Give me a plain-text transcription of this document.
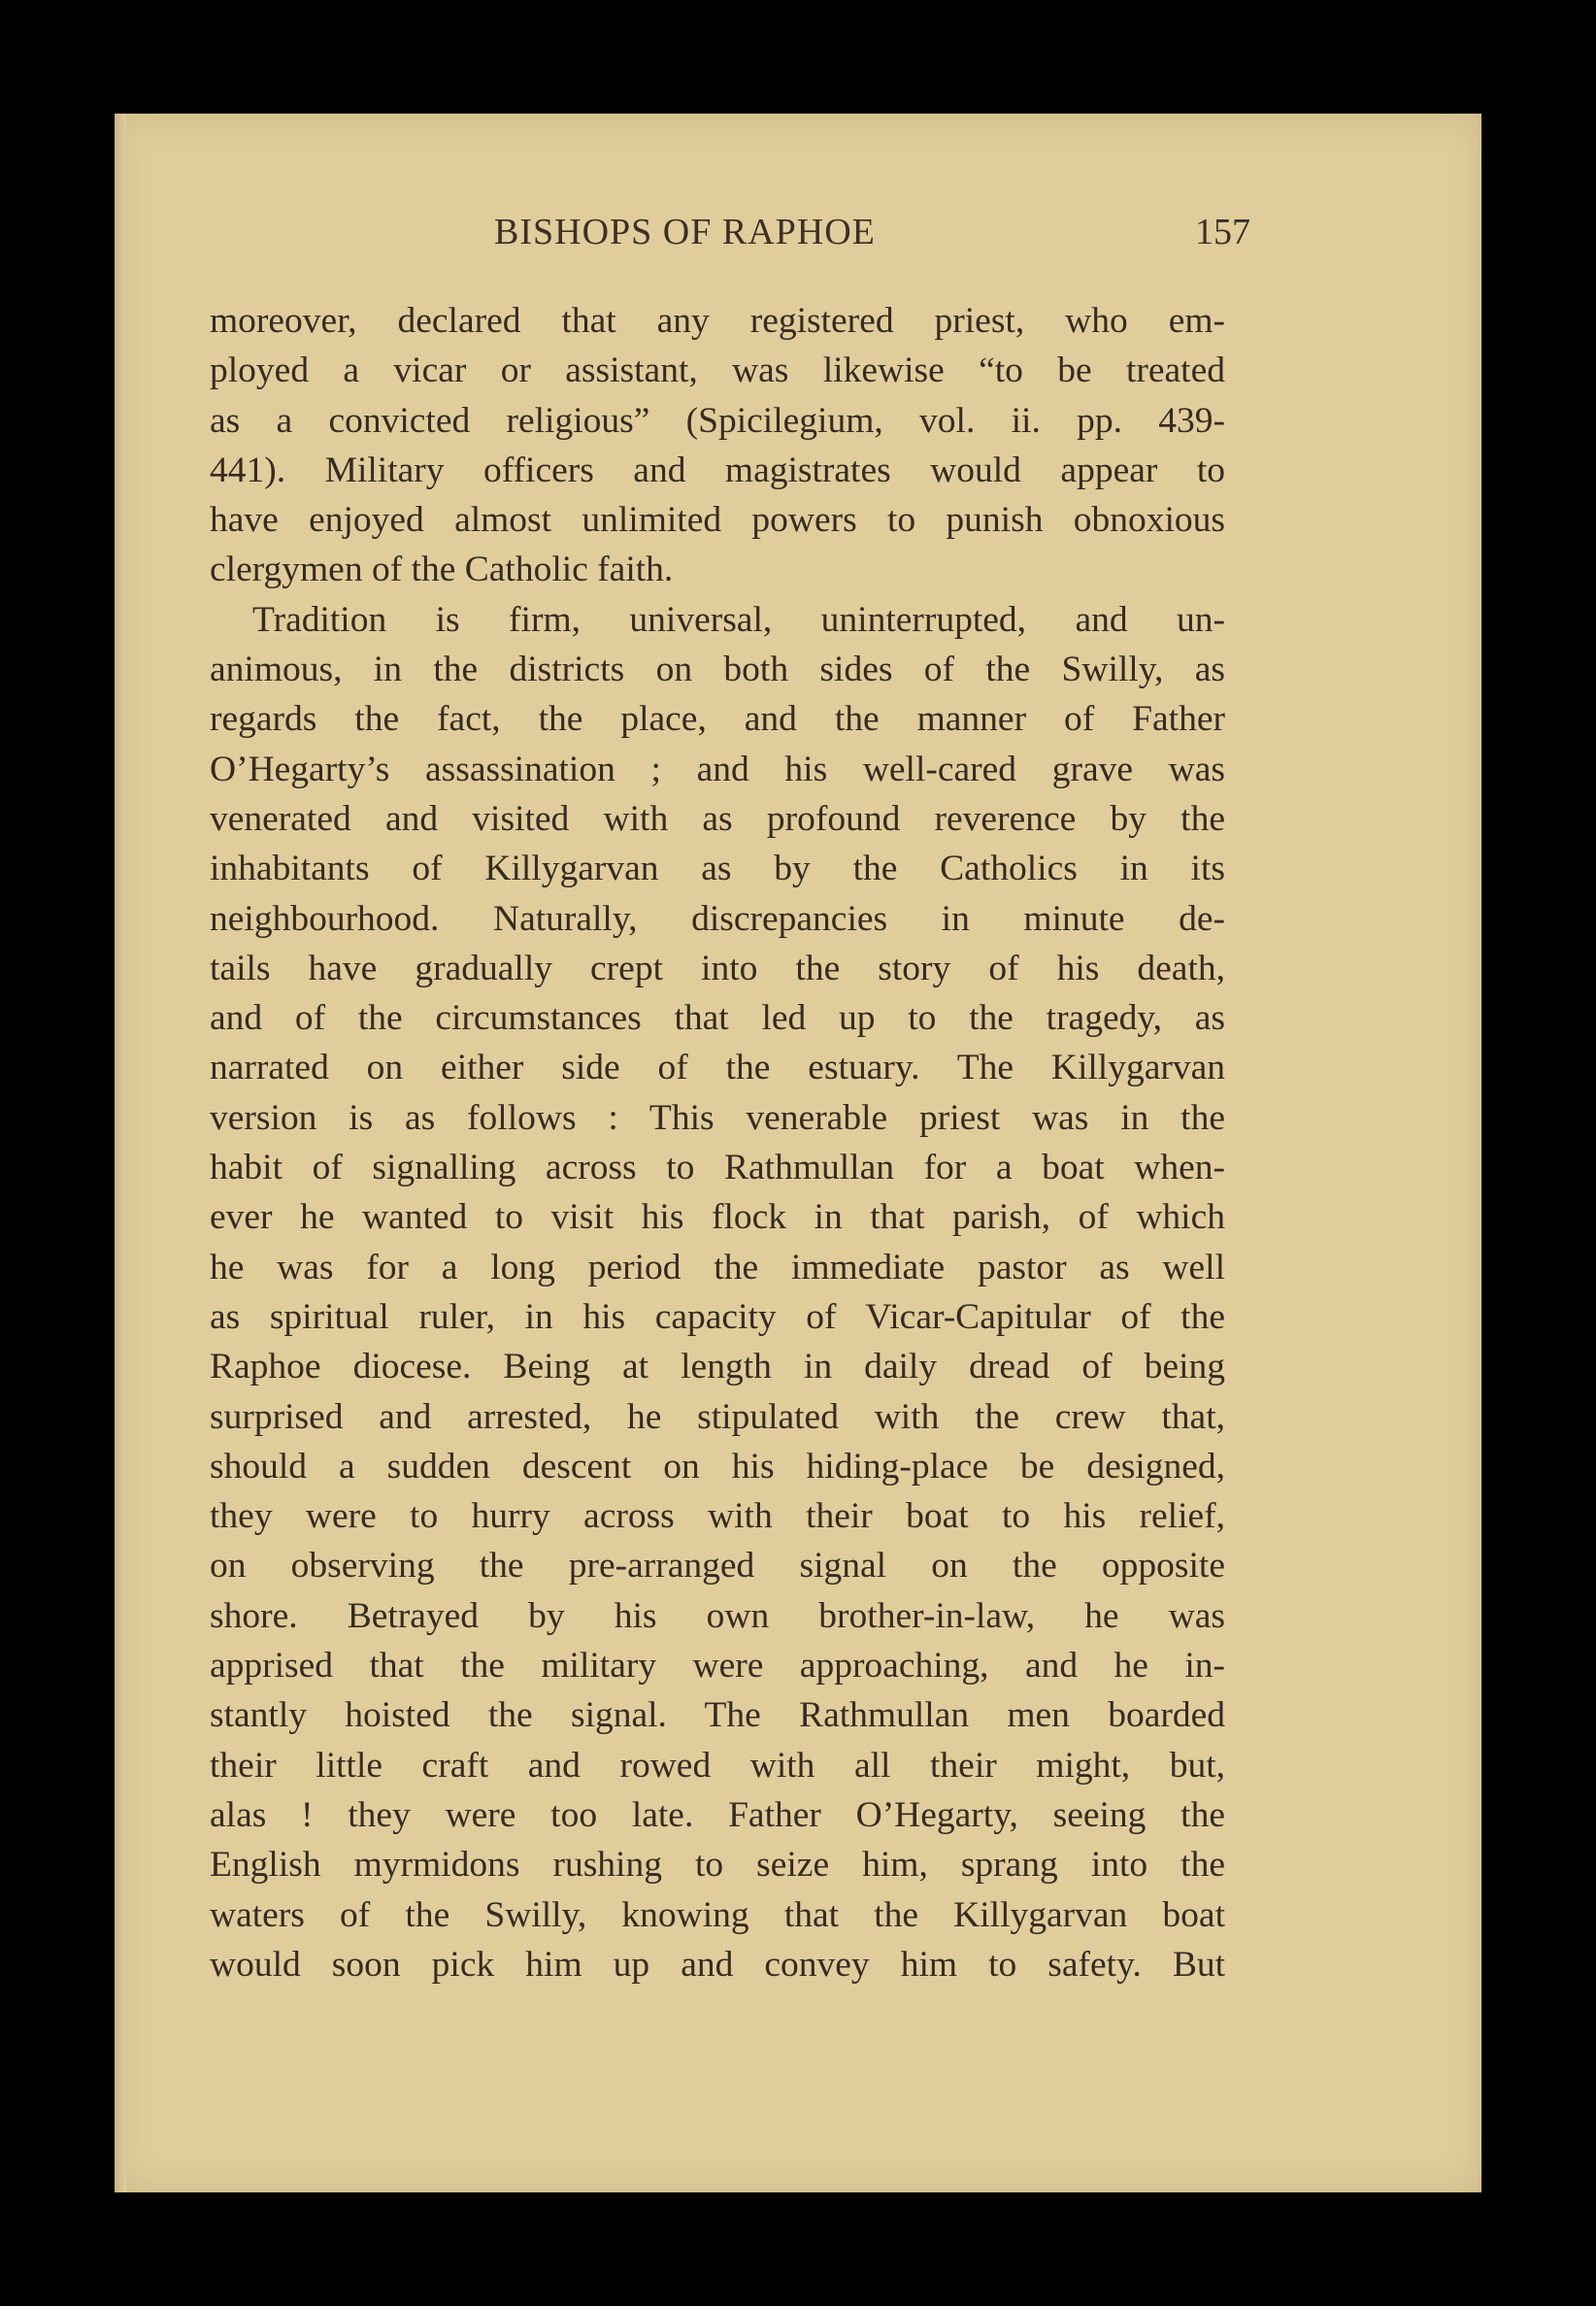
BISHOPS OF RAPHOE	157
moreover, declared that any registered priest, who em-
ployed a vicar or assistant, was likewise “to be treated
as a convicted religious” (Spicilegium, vol. ii. pp. 439-
441). Military officers and magistrates would appear to
have enjoyed almost unlimited powers to punish obnoxious
clergymen of the Catholic faith.
Tradition is firm, universal, uninterrupted, and un-
animous, in the districts on both sides of the Swilly, as
regards the fact, the place, and the manner of Father
O’Hegarty’s assassination ; and his well-cared grave was
venerated and visited with as profound reverence by the
inhabitants of Killygarvan as by the Catholics in its
neighbourhood. Naturally, discrepancies in minute de-
tails have gradually crept into the story of his death,
and of the circumstances that led up to the tragedy, as
narrated on either side of the estuary. The Killygarvan
version is as follows : This venerable priest was in the
habit of signalling across to Rathmullan for a boat when-
ever he wanted to visit his flock in that parish, of which
he was for a long period the immediate pastor as well
as spiritual ruler, in his capacity of Vicar-Capitular of the
Raphoe diocese. Being at length in daily dread of being
surprised and arrested, he stipulated with the crew that,
should a sudden descent on his hiding-place be designed,
they were to hurry across with their boat to his relief,
on observing the pre-arranged signal on the opposite
shore. Betrayed by his own brother-in-law, he was
apprised that the military were approaching, and he in-
stantly hoisted the signal. The Rathmullan men boarded
their little craft and rowed with all their might, but,
alas ! they were too late. Father O’Hegarty, seeing the
English myrmidons rushing to seize him, sprang into the
waters of the Swilly, knowing that the Killygarvan boat
would soon pick him up and convey him to safety. But
